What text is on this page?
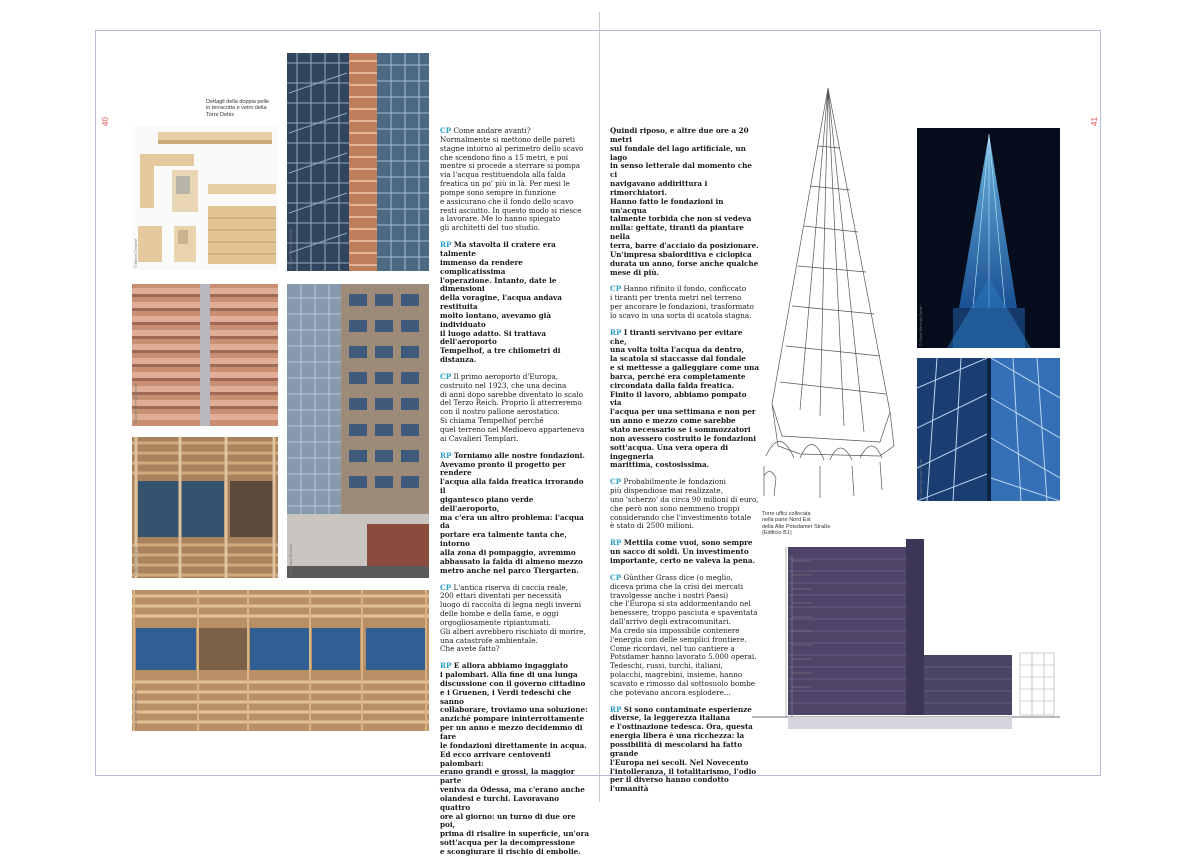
40
Dettagli della doppia pelle
in terracotta e vetro della
Torre Debis
© Michel Denancé	© Gianni Berengo Gardin
© Gianni Berengo Gardin
© Christian Richters
© Michel Denancé
© Gianni Berengo Gardin

CP Come andare avanti?
Normalmente si mettono delle pareti
stagne intorno al perimetro dello scavo
che scendono fino a 15 metri, e poi
mentre si procede a sterrare si pompa
via l'acqua restituendola alla falda
freatica un po' più in là. Per mesi le
pompe sono sempre in funzione
e assicurano che il fondo dello scavo
resti asciutto. In questo modo si riesce
a lavorare. Me lo hanno spiegato
gli architetti del tuo studio.

RP Ma stavolta il cratere era talmente
immenso da rendere complicatissima
l'operazione. Intanto, date le dimensioni
della voragine, l'acqua andava restituita
molto lontano, avevamo già individuato
il luogo adatto. Si trattava dell'aeroporto
Tempelhof, a tre chilometri di distanza.

CP Il primo aeroporto d'Europa,
costruito nel 1923, che una decina
di anni dopo sarebbe diventato lo scalo
del Terzo Reich. Proprio lì atterreremo
con il nostro pallone aerostatico.
Si chiama Tempelhof perché
quel terreno nel Medioevo apparteneva
ai Cavalieri Templari.

RP Torniamo alle nostre fondazioni.
Avevamo pronto il progetto per rendere
l'acqua alla falda freatica irrorando il
gigantesco piano verde dell'aeroporto,
ma c'era un altro problema: l'acqua da
portare era talmente tanta che, intorno
alla zona di pompaggio, avremmo
abbassato la falda di almeno mezzo
metro anche nel parco Tiergarten.

CP L'antica riserva di caccia reale,
200 ettari diventati per necessità
luogo di raccolta di legna negli inverni
delle bombe e della fame, e oggi
orgogliosamente ripiantumati.
Gli alberi avrebbero rischiato di morire,
una catastrofe ambientale.
Che avete fatto?

RP E allora abbiamo ingaggiato
i palombari. Alla fine di una lunga
discussione con il governo cittadino
e i Gruenen, i Verdi tedeschi che sanno
collaborare, troviamo una soluzione:
anziché pompare ininterrottamente
per un anno e mezzo decidemmo di fare
le fondazioni direttamente in acqua.
Ed ecco arrivare centoventi palombari:
erano grandi e grossi, la maggior parte
veniva da Odessa, ma c'erano anche
olandesi e turchi. Lavoravano quattro
ore al giorno: un turno di due ore poi,
prima di risalire in superficie, un'ora
sott'acqua per la decompressione
e scongiurare il rischio di embolie.

Quindi riposo, e altre due ore a 20 metri
sul fondale del lago artificiale, un lago
in senso letterale dal momento che ci
navigavano addirittura i rimorchiatori.
Hanno fatto le fondazioni in un'acqua
talmente torbida che non si vedeva
nulla: gettate, tiranti da piantare nella
terra, barre d'acciaio da posizionare.
Un'impresa sbalorditiva e ciclopica
durata un anno, forse anche qualche
mese di più.

CP Hanno rifinito il fondo, conficcato
i tiranti per trenta metri nel terreno
per ancorare le fondazioni, trasformato
lo scavo in una sorta di scatola stagna.

RP I tiranti servivano per evitare che,
una volta tolta l'acqua da dentro,
la scatola si staccasse dal fondale
e si mettesse a galleggiare come una
barca, perché era completamente
circondata dalla falda freatica.
Finito il lavoro, abbiamo pompato via
l'acqua per una settimana e non per
un anno e mezzo come sarebbe
stato necessario se i sommozzatori
non avessero costruito le fondazioni
sott'acqua. Una vera opera di ingegneria
marittima, costosissima.

CP Probabilmente le fondazioni
più dispendiose mai realizzate,
uno 'scherzo' da circa 90 milioni di euro,
che però non sono nemmeno troppi
considerando che l'investimento totale
è stato di 2500 milioni.

RP Mettila come vuoi, sono sempre
un sacco di soldi. Un investimento
importante, certo ne valeva la pena.

CP Günther Grass dice (o meglio,
diceva prima che la crisi dei mercati
travolgesse anche i nostri Paesi)
che l'Europa si sta addormentando nel
benessere, troppo pasciuta e spaventata
dall'arrivo degli extracomunitari.
Ma credo sia impossibile contenere
l'energia con delle semplici frontiere.
Come ricordavi, nel tuo cantiere a
Potsdamer hanno lavorato 5.000 operai.
Tedeschi, russi, turchi, italiani,
polacchi, magrebini, insieme, hanno
scavato e rimosso dal sottosuolo bombe
che potevano ancora esplodere...

RP Si sono contaminate esperienze
diverse, la leggerezza italiana
e l'ostinazione tedesca. Ora, questa
energia libera è una ricchezza: la
possibilità di mescolarsi ha fatto grande
l'Europa nei secoli. Nel Novecento
l'intolleranza, il totalitarismo, l'odio
per il diverso hanno condotto l'umanità

© Gianni Berengo Gardin
© Gianni Berengo Gardin
Torre uffici collocata
nella parte Nord Est
della Alte Potsdamer Straße
(Edificio B1)
41
